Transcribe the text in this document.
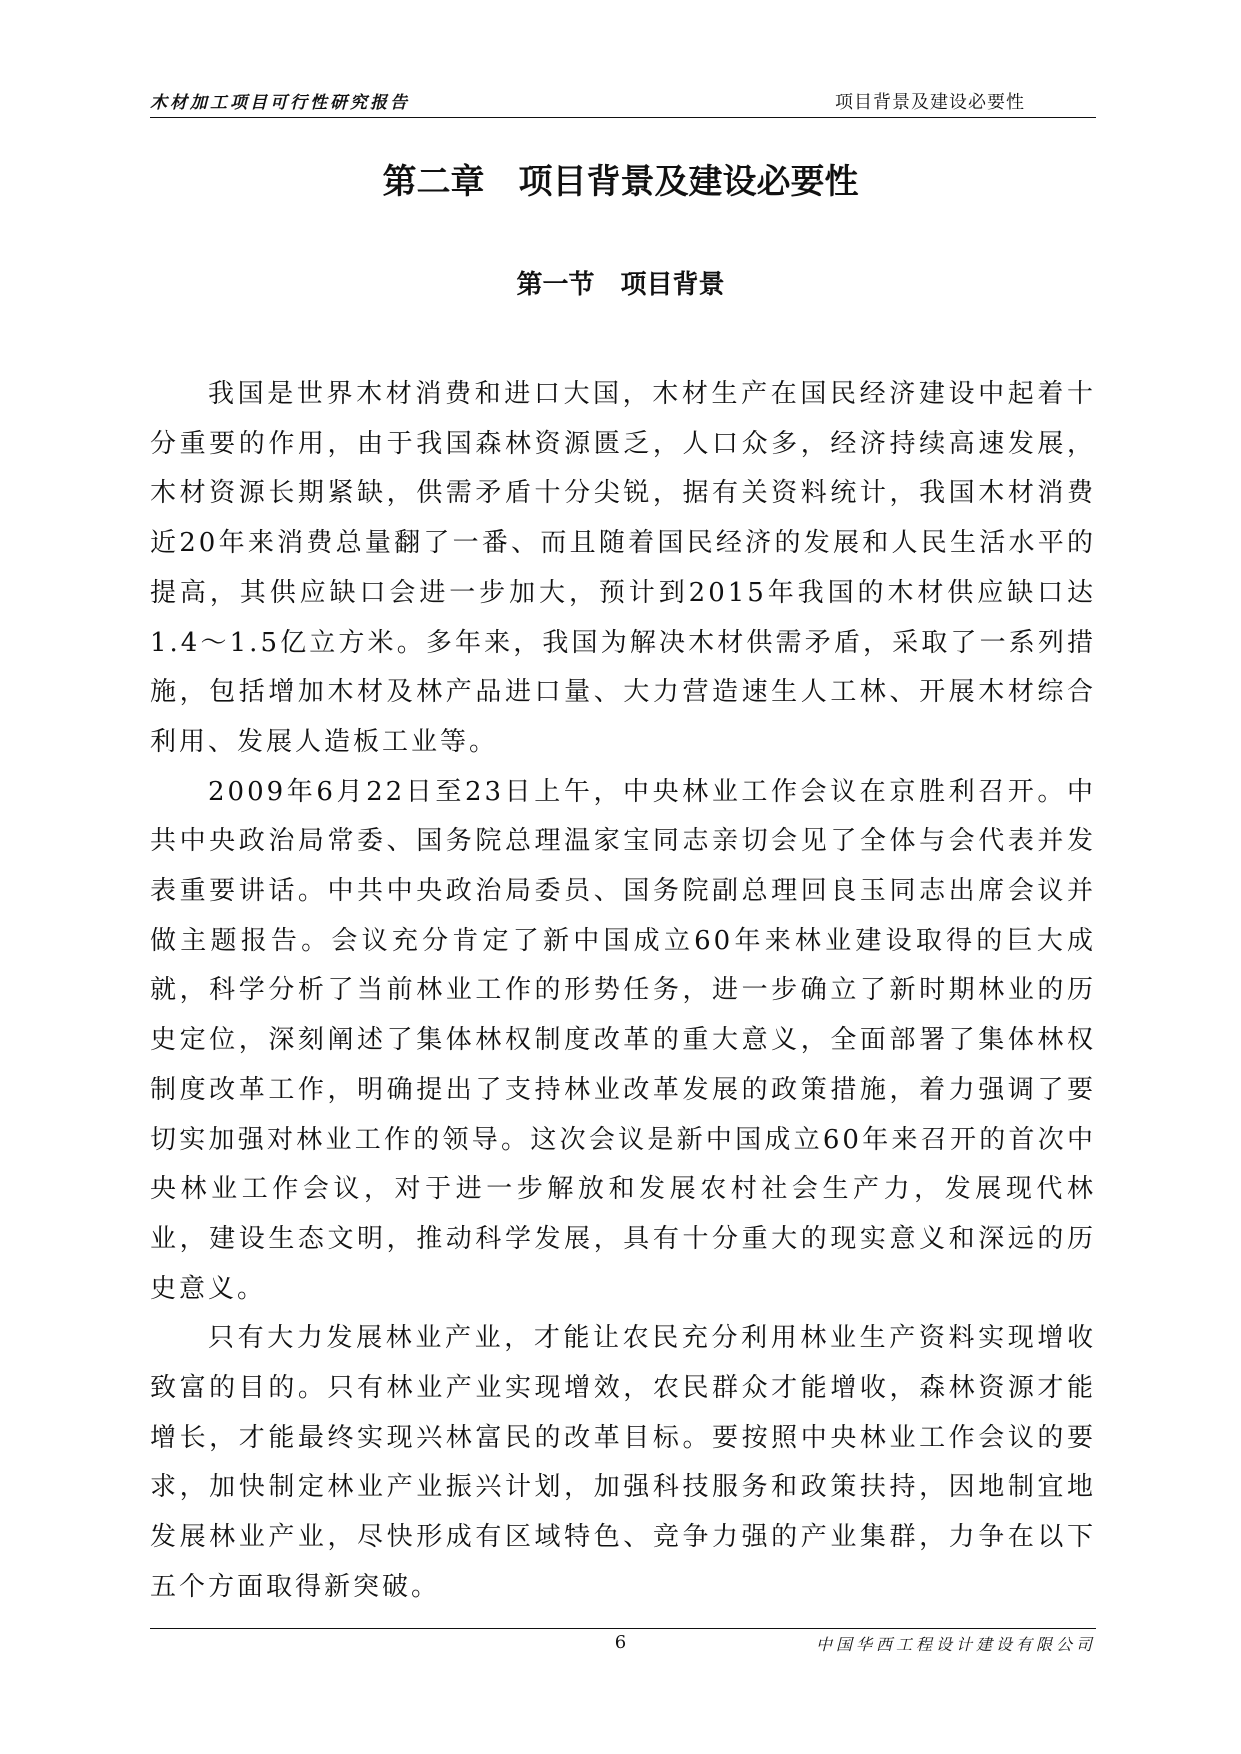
木材加工项目可行性研究报告	项目背景及建设必要性
第二章　项目背景及建设必要性
第一节　项目背景

我国是世界木材消费和进口大国，木材生产在国民经济建设中起着十分重要的作用，由于我国森林资源匮乏，人口众多，经济持续高速发展，木材资源长期紧缺，供需矛盾十分尖锐，据有关资料统计，我国木材消费近20年来消费总量翻了一番、而且随着国民经济的发展和人民生活水平的提高，其供应缺口会进一步加大，预计到2015年我国的木材供应缺口达1.4～1.5亿立方米。多年来，我国为解决木材供需矛盾，采取了一系列措施，包括增加木材及林产品进口量、大力营造速生人工林、开展木材综合利用、发展人造板工业等。

2009年6月22日至23日上午，中央林业工作会议在京胜利召开。中共中央政治局常委、国务院总理温家宝同志亲切会见了全体与会代表并发表重要讲话。中共中央政治局委员、国务院副总理回良玉同志出席会议并做主题报告。会议充分肯定了新中国成立60年来林业建设取得的巨大成就，科学分析了当前林业工作的形势任务，进一步确立了新时期林业的历史定位，深刻阐述了集体林权制度改革的重大意义，全面部署了集体林权制度改革工作，明确提出了支持林业改革发展的政策措施，着力强调了要切实加强对林业工作的领导。这次会议是新中国成立60年来召开的首次中央林业工作会议，对于进一步解放和发展农村社会生产力，发展现代林业，建设生态文明，推动科学发展，具有十分重大的现实意义和深远的历史意义。

只有大力发展林业产业，才能让农民充分利用林业生产资料实现增收致富的目的。只有林业产业实现增效，农民群众才能增收，森林资源才能增长，才能最终实现兴林富民的改革目标。要按照中央林业工作会议的要求，加快制定林业产业振兴计划，加强科技服务和政策扶持，因地制宜地发展林业产业，尽快形成有区域特色、竞争力强的产业集群，力争在以下五个方面取得新突破。

6	中国华西工程设计建设有限公司
